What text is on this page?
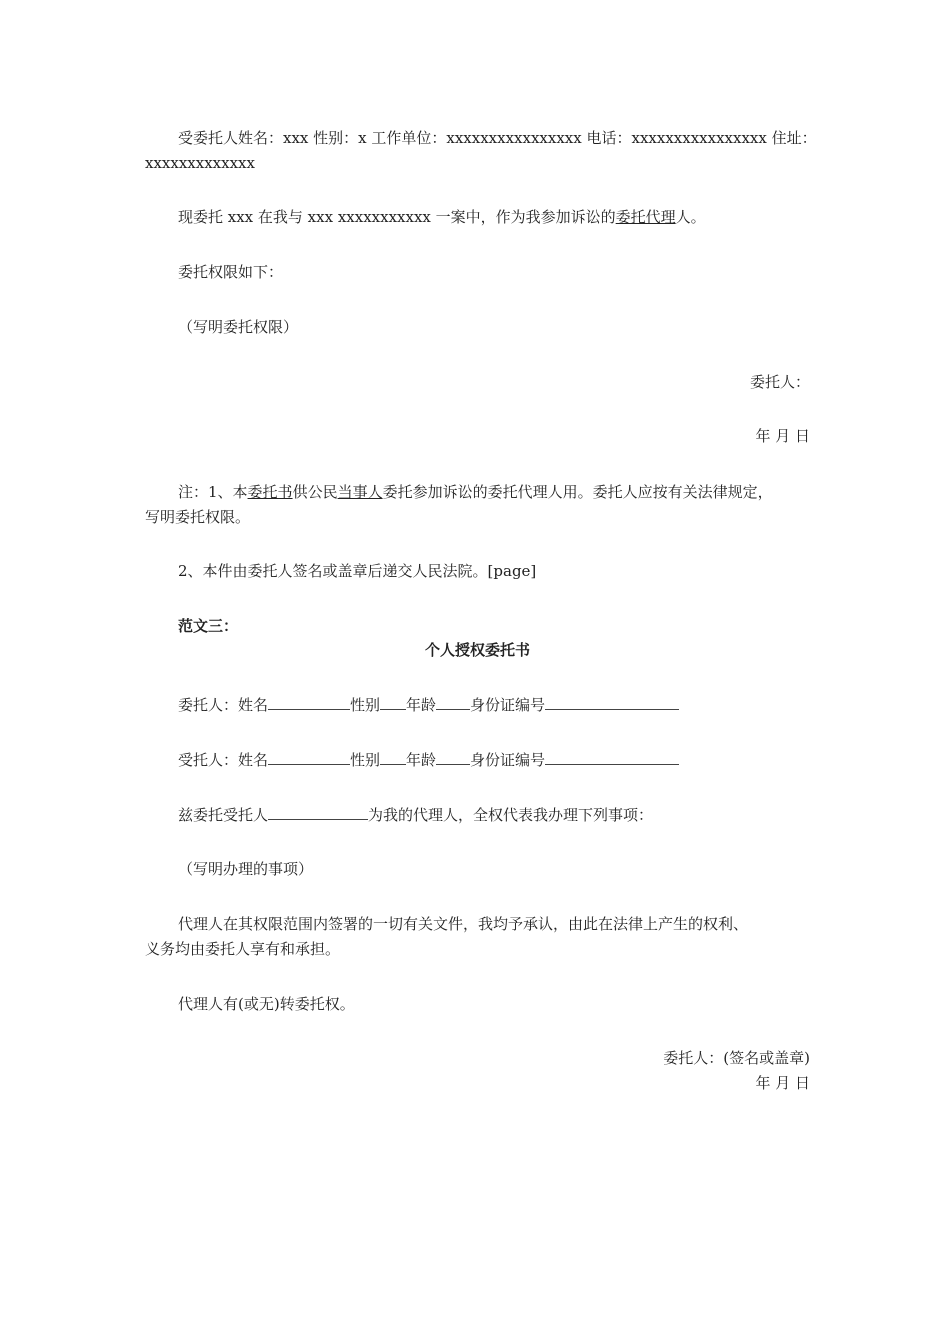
受委托人姓名：xxx 性别：x 工作单位：xxxxxxxxxxxxxxxx 电话：xxxxxxxxxxxxxxxx 住址：
xxxxxxxxxxxxx
现委托 xxx 在我与 xxx xxxxxxxxxxx 一案中，作为我参加诉讼的委托代理人。
委托权限如下：
（写明委托权限）
委托人：
年 月 日
注：1、本委托书供公民当事人委托参加诉讼的委托代理人用。委托人应按有关法律规定，
写明委托权限。
2、本件由委托人签名或盖章后递交人民法院。[page]
范文三：
个人授权委托书
委托人：姓名	性别 年龄 身份证编号
受托人：姓名	性别 年龄 身份证编号
兹委托受托人	为我的代理人，全权代表我办理下列事项：
（写明办理的事项）
代理人在其权限范围内签署的一切有关文件，我均予承认，由此在法律上产生的权利、
义务均由委托人享有和承担。
代理人有(或无)转委托权。
委托人：(签名或盖章)
年 月 日
